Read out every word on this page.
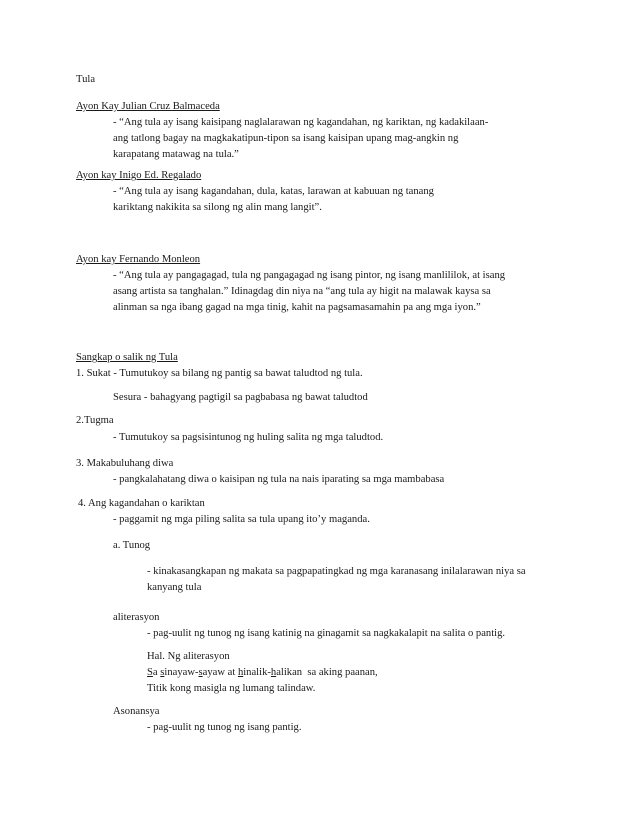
Tula
Ayon Kay Julian Cruz Balmaceda
- “Ang tula ay isang kaisipang naglalarawan ng kagandahan, ng kariktan, ng kadakilaan-
ang tatlong bagay na magkakatipun-tipon sa isang kaisipan upang mag-angkin ng
karapatang matawag na tula.”
Ayon kay Inigo Ed. Regalado
- “Ang tula ay isang kagandahan, dula, katas, larawan at kabuuan ng tanang
kariktang nakikita sa silong ng alin mang langit”.
Ayon kay Fernando Monleon
- “Ang tula ay pangagagad, tula ng pangagagad ng isang pintor, ng isang manlililok, at isang
asang artista sa tanghalan.” Idinagdag din niya na “ang tula ay higit na malawak kaysa sa
alinman sa nga ibang gagad na mga tinig, kahit na pagsamasamahin pa ang mga iyon.”
Sangkap o salik ng Tula
1. Sukat - Tumutukoy sa bilang ng pantig sa bawat taludtod ng tula.
Sesura - bahagyang pagtigil sa pagbabasa ng bawat taludtod
2.Tugma
- Tumutukoy sa pagsisintunog ng huling salita ng mga taludtod.
3. Makabuluhang diwa
- pangkalahatang diwa o kaisipan ng tula na nais iparating sa mga mambabasa
4. Ang kagandahan o kariktan
- paggamit ng mga piling salita sa tula upang ito’y maganda.
a. Tunog
- kinakasangkapan ng makata sa pagpapatingkad ng mga karanasang inilalarawan niya sa
kanyang tula
aliterasyon
- pag-uulit ng tunog ng isang katinig na ginagamit sa nagkakalapit na salita o pantig.
Hal. Ng aliterasyon
Sa sinayaw-sayaw at hinalik-halikan  sa aking paanan,
Titik kong masigla ng lumang talindaw.
Asonansya
- pag-uulit ng tunog ng isang pantig.
